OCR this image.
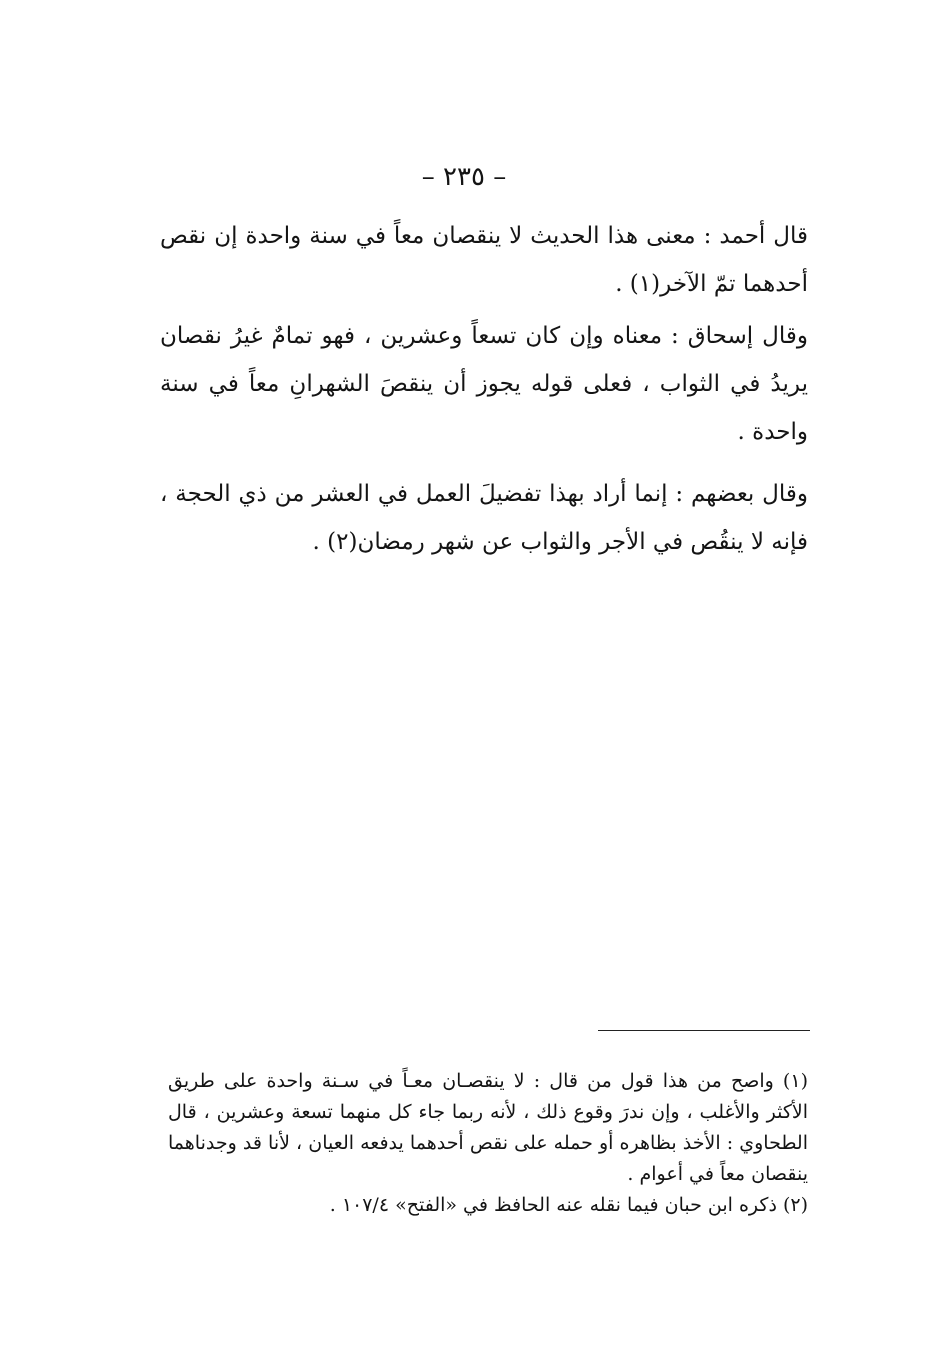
– ٢٣٥ –

قال أحمد : معنى هذا الحديث لا ينقصان معاً في سنة واحدة إن نقص أحدهما تمّ الآخر(١) .

وقال إسحاق : معناه وإن كان تسعاً وعشرين ، فهو تمامٌ غيرُ نقصان يريدُ في الثواب ، فعلى قوله يجوز أن ينقصَ الشهرانِ معاً في سنة واحدة .

وقال بعضهم : إنما أراد بهذا تفضيلَ العمل في العشر من ذي الحجة ، فإنه لا ينقُص في الأجر والثواب عن شهر رمضان(٢) .

(١) واصح من هذا قول من قال : لا ينقصـان معـاً في سـنة واحدة على طريق الأكثر والأغلب ، وإن ندرَ وقوع ذلك ، لأنه ربما جاء كل منهما تسعة وعشرين ، قال الطحاوي : الأخذ بظاهره أو حمله على نقص أحدهما يدفعه العيان ، لأنا قد وجدناهما ينقصان معاً في أعوام .

(٢) ذكره ابن حبان فيما نقله عنه الحافظ في «الفتح» ١٠٧/٤ .
